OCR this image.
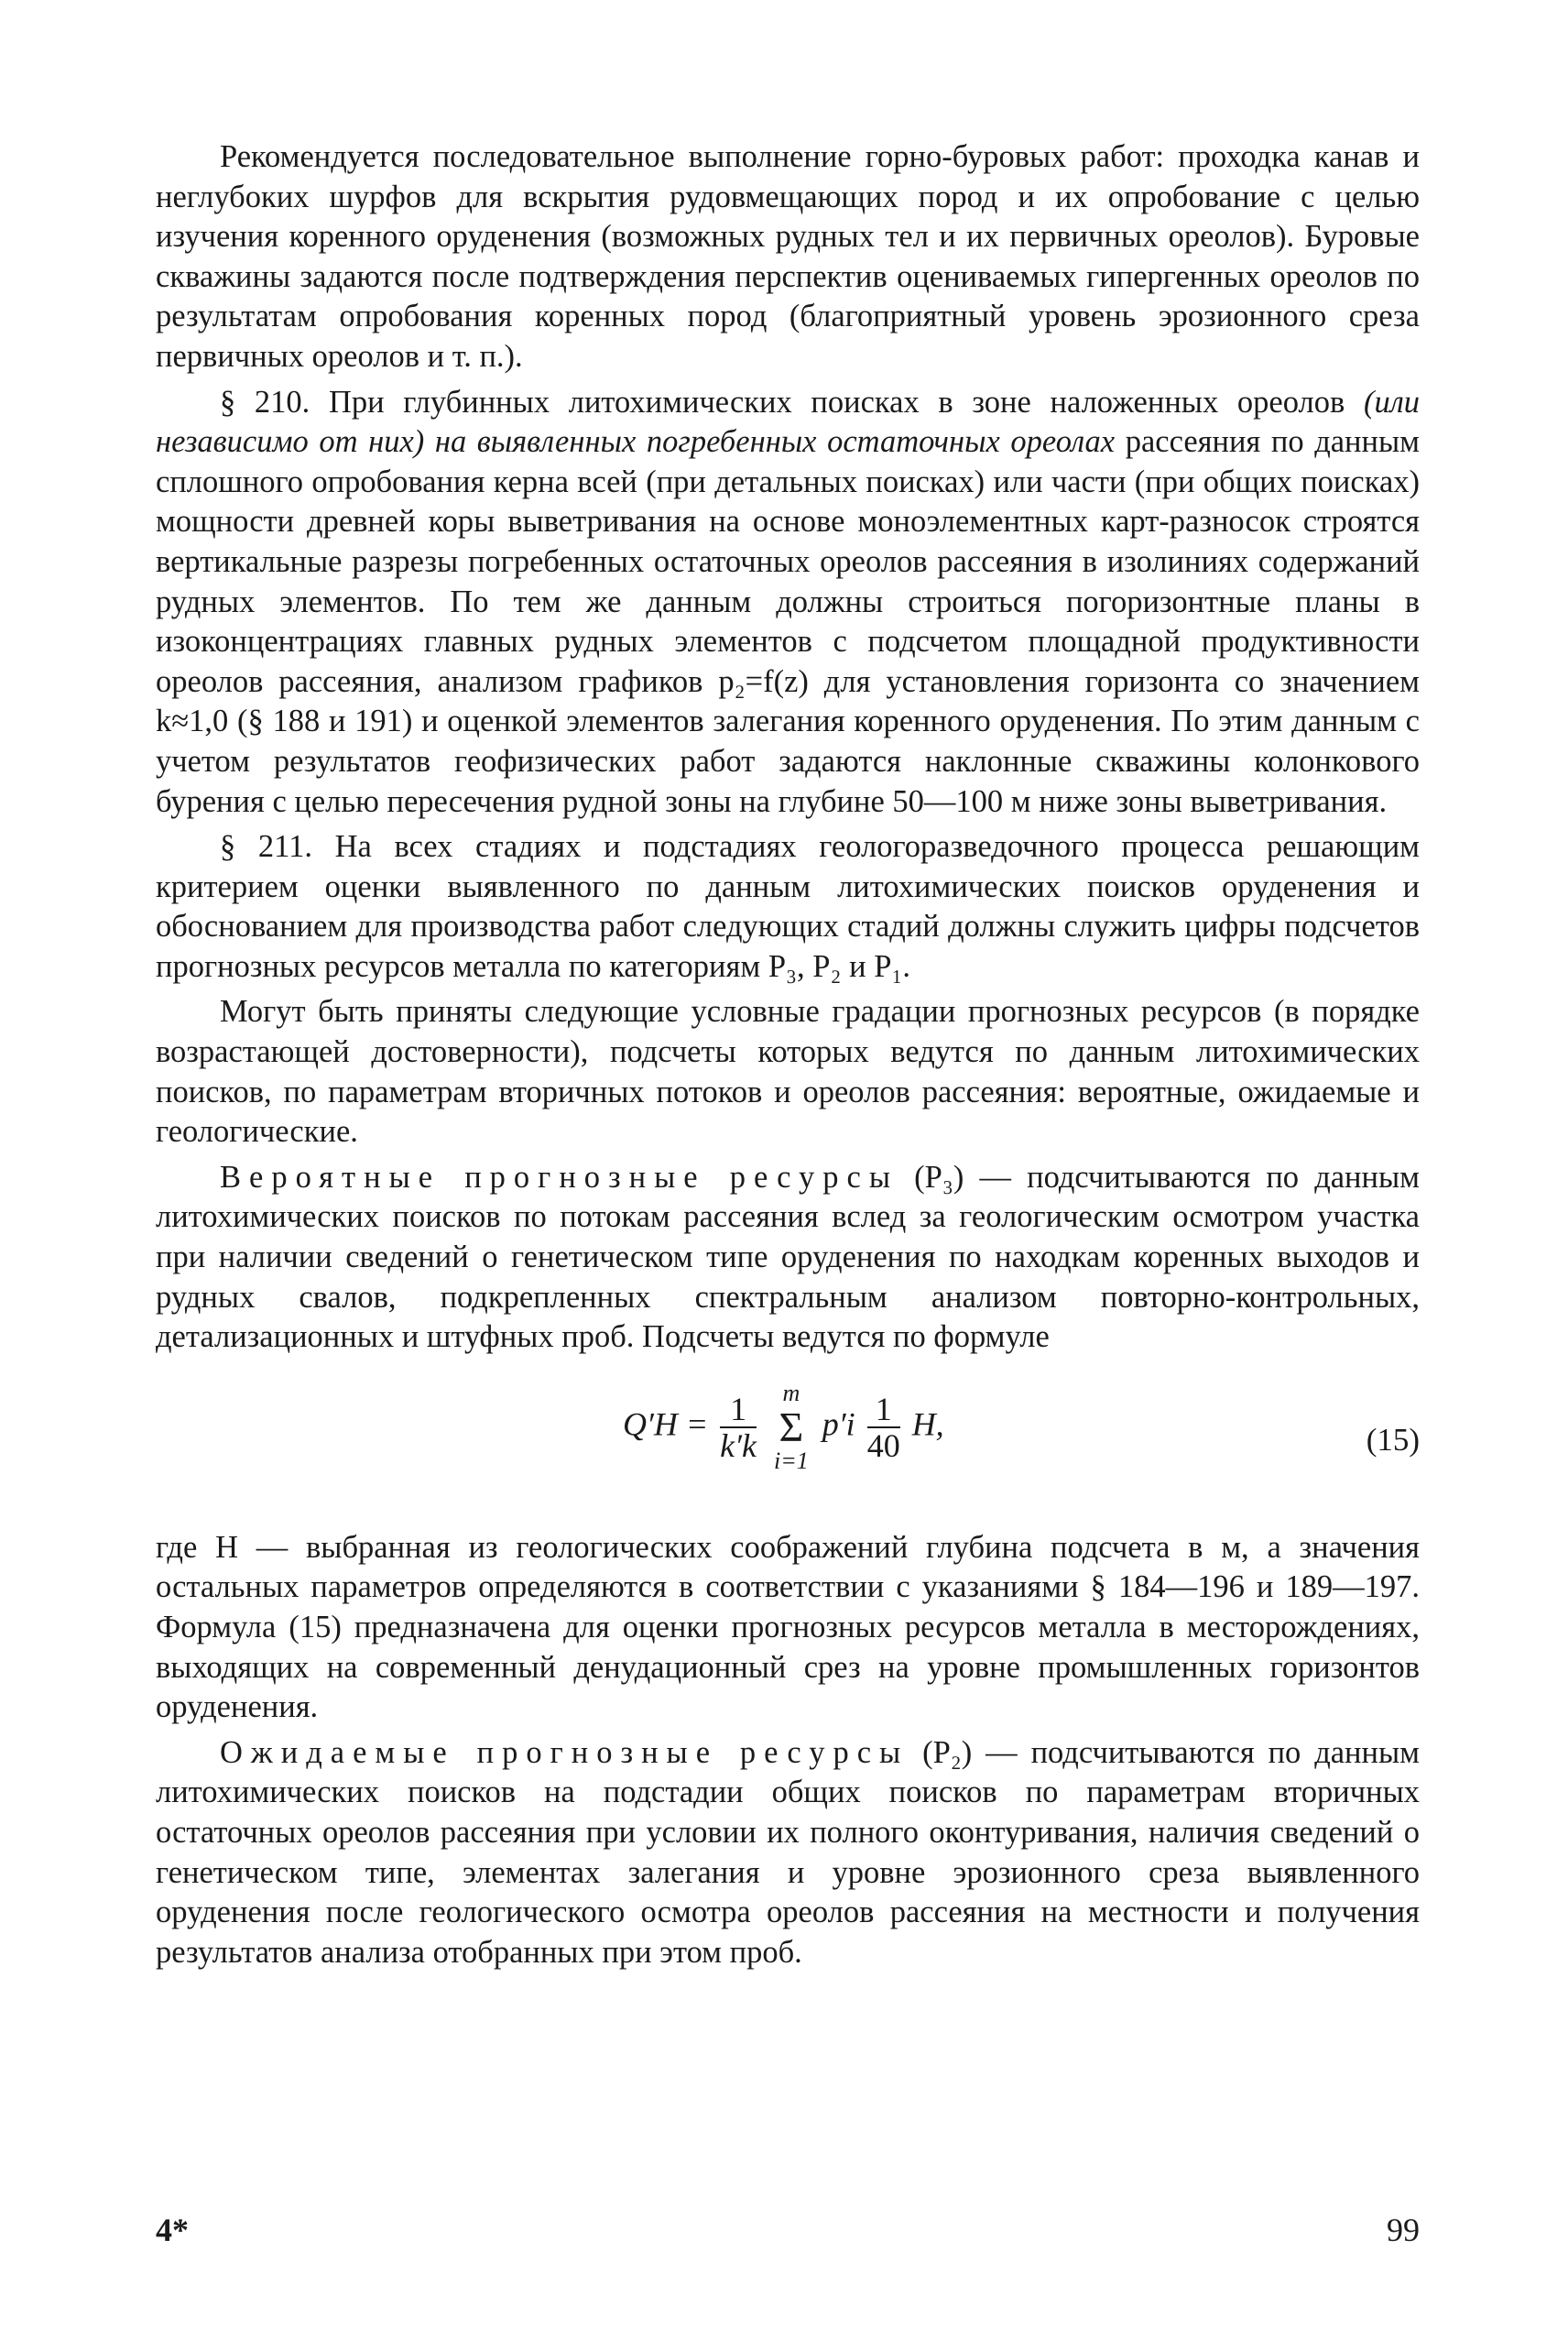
Рекомендуется последовательное выполнение горно-буровых работ: проходка канав и неглубоких шурфов для вскрытия рудовмещающих пород и их опробование с целью изучения коренного оруденения (возможных рудных тел и их первичных ореолов). Буровые скважины задаются после подтверждения перспектив оцениваемых гипергенных ореолов по результатам опробования коренных пород (благоприятный уровень эрозионного среза первичных ореолов и т. п.).

§ 210. При глубинных литохимических поисках в зоне наложенных ореолов (или независимо от них) на выявленных погребенных остаточных ореолах рассеяния по данным сплошного опробования керна всей (при детальных поисках) или части (при общих поисках) мощности древней коры выветривания на основе моноэлементных карт-разносок строятся вертикальные разрезы погребенных остаточных ореолов рассеяния в изолиниях содержаний рудных элементов. По тем же данным должны строиться погоризонтные планы в изоконцентрациях главных рудных элементов с подсчетом площадной продуктивности ореолов рассеяния, анализом графиков p₂=f(z) для установления горизонта со значением k≈1,0 (§ 188 и 191) и оценкой элементов залегания коренного оруденения. По этим данным с учетом результатов геофизических работ задаются наклонные скважины колонкового бурения с целью пересечения рудной зоны на глубине 50—100 м ниже зоны выветривания.

§ 211. На всех стадиях и подстадиях геологоразведочного процесса решающим критерием оценки выявленного по данным литохимических поисков оруденения и обоснованием для производства работ следующих стадий должны служить цифры подсчетов прогнозных ресурсов металла по категориям P₃, P₂ и P₁.

Могут быть приняты следующие условные градации прогнозных ресурсов (в порядке возрастающей достоверности), подсчеты которых ведутся по данным литохимических поисков, по параметрам вторичных потоков и ореолов рассеяния: вероятные, ожидаемые и геологические.

Вероятные прогнозные ресурсы (P₃) — подсчитываются по данным литохимических поисков по потокам рассеяния вслед за геологическим осмотром участка при наличии сведений о генетическом типе оруденения по находкам коренных выходов и рудных свалов, подкрепленных спектральным анализом повторно-контрольных, детализационных и штуфных проб. Подсчеты ведутся по формуле

$Q'H = \frac{1}{k'k}$
	m
Σ
i=1
$p'i \frac{1}{40} H$,	(15)

где H — выбранная из геологических соображений глубина подсчета в м, а значения остальных параметров определяются в соответствии с указаниями § 184—196 и 189—197. Формула (15) предназначена для оценки прогнозных ресурсов металла в месторождениях, выходящих на современный денудационный срез на уровне промышленных горизонтов оруденения.

Ожидаемые прогнозные ресурсы (P₂) — подсчитываются по данным литохимических поисков на подстадии общих поисков по параметрам вторичных остаточных ореолов рассеяния при условии их полного оконтуривания, наличия сведений о генетическом типе, элементах залегания и уровне эрозионного среза выявленного оруденения после геологического осмотра ореолов рассеяния на местности и получения результатов анализа отобранных при этом проб.

4*	99
